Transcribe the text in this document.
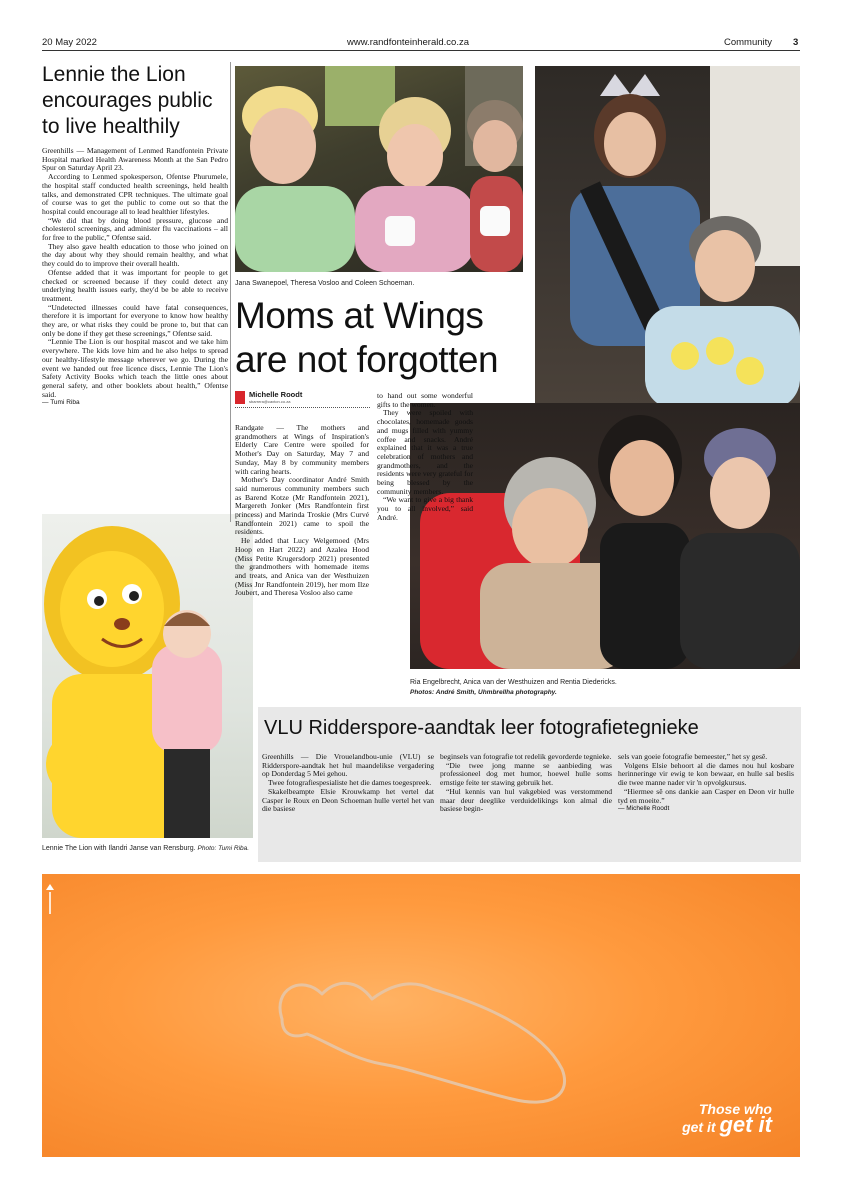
20 May 2022	www.randfonteinherald.co.za	Community 3
Lennie the Lion encourages public to live healthily

Greenhills — Management of Lenmed Randfontein Private Hospital marked Health Awareness Month at the San Pedro Spur on Saturday April 23.

According to Lenmed spokesperson, Ofentse Phurumele, the hospital staff conducted health screenings, held health talks, and demonstrated CPR techniques. The ultimate goal of course was to get the public to come out so that the hospital could encourage all to lead healthier lifestyles.

“We did that by doing blood pressure, glucose and cholesterol screenings, and administer flu vaccinations – all for free to the public,” Ofentse said.

They also gave health education to those who joined on the day about why they should remain healthy, and what they could do to improve their overall health.

Ofentse added that it was important for people to get checked or screened because if they could detect any underlying health issues early, they'd be be able to receive treatment.

“Undetected illnesses could have fatal consequences, therefore it is important for everyone to know how healthy they are, or what risks they could be prone to, but that can only be done if they get these screenings,” Ofentse said.

“Lennie The Lion is our hospital mascot and we take him everywhere. The kids love him and he also helps to spread our healthy-lifestyle message wherever we go. During the event we handed out free licence discs, Lennie The Lion's Safety Activity Books which teach the little ones about general safety, and other booklets about health,” Ofentse said.

— Tumi Riba

Lennie The Lion with Ilandri Janse van Rensburg. Photo: Tumi Riba.
Jana Swanepoel, Theresa Vosloo and Coleen Schoeman.
Ria Engelbrecht, Anica van der Westhuizen and Rentia Diedericks.
Photos: André Smith, Uhmbrellha photography.
Moms at Wings are not forgotten
Michelle Roodt
sbarrera@caxton.co.za

Randgate — The mothers and grandmothers at Wings of Inspiration's Elderly Care Centre were spoiled for Mother's Day on Saturday, May 7 and Sunday, May 8 by community members with caring hearts.

Mother's Day coordinator André Smith said numerous community members such as Barend Kotze (Mr Randfontein 2021), Margereth Jonker (Mrs Randfontein first princess) and Marinda Troskie (Mrs Curvé Randfontein 2021) came to spoil the residents.

He added that Lucy Welgemoed (Mrs Hoop en Hart 2022) and Azalea Hood (Miss Petite Krugersdorp 2021) presented the grandmothers with homemade items and treats, and Anica van der Westhuizen (Miss Jnr Randfontein 2019), her mom Ilze Joubert, and Theresa Vosloo also came

to hand out some wonderful gifts to the women.

They were spoiled with chocolates, homemade goods and mugs filled with yummy coffee and snacks. André explained that it was a true celebration of mothers and grandmothers, and the residents were very grateful for being blessed by the community members.

“We want to give a big thank you to all involved,” said André.

VLU Ridderspore-aandtak leer fotografietegnieke

Greenhills — Die Vrouelandbou-unie (VLU) se Ridderspore-aandtak het hul maandelikse vergadering op Donderdag 5 Mei gehou.

Twee fotografiespesialiste het die dames toegespreek.

Skakelbeampte Elsie Krouwkamp het vertel dat Casper le Roux en Deon Schoeman hulle vertel het van die basiese

beginsels van fotografie tot redelik gevorderde tegnieke.

“Die twee jong manne se aanbieding was professioneel dog met humor, hoewel hulle soms ernstige feite ter stawing gebruik het.

“Hul kennis van hul vakgebied was verstommend maar deur deeglike verduidelikings kon almal die basiese begin-

sels van goeie fotografie bemeester,” het sy gesê.

Volgens Elsie behoort al die dames nou hul kosbare herinneringe vir ewig te kon bewaar, en hulle sal beslis die twee manne nader vir 'n opvolgkursus.

“Hiermee sê ons dankie aan Casper en Deon vir hulle tyd en moeite.”

— Michelle Roodt

Those who
get it get it
